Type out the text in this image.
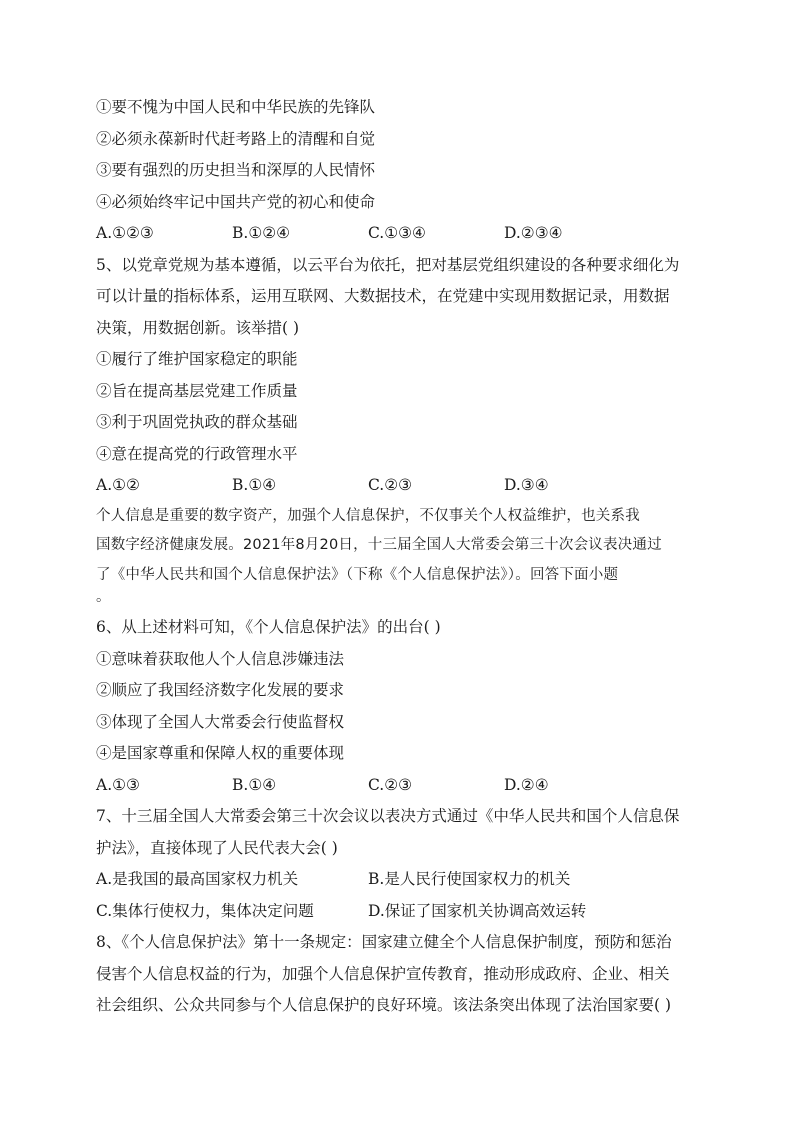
①要不愧为中国人民和中华民族的先锋队
②必须永葆新时代赶考路上的清醒和自觉
③要有强烈的历史担当和深厚的人民情怀
④必须始终牢记中国共产党的初心和使命
A.①②③	B.①②④	C.①③④	D.②③④
5、以党章党规为基本遵循，以云平台为依托，把对基层党组织建设的各种要求细化为
可以计量的指标体系，运用互联网、大数据技术，在党建中实现用数据记录，用数据
决策，用数据创新。该举措( )
①履行了维护国家稳定的职能
②旨在提高基层党建工作质量
③利于巩固党执政的群众基础
④意在提高党的行政管理水平
A.①②	B.①④	C.②③	D.③④
个人信息是重要的数字资产，加强个人信息保护，不仅事关个人权益维护，也关系我
国数字经济健康发展。2021年8月20日，十三届全国人大常委会第三十次会议表决通过
了《中华人民共和国个人信息保护法》（下称《个人信息保护法》）。回答下面小题
。
6、从上述材料可知，《个人信息保护法》的出台( )
①意味着获取他人个人信息涉嫌违法
②顺应了我国经济数字化发展的要求
③体现了全国人大常委会行使监督权
④是国家尊重和保障人权的重要体现
A.①③	B.①④	C.②③	D.②④
7、十三届全国人大常委会第三十次会议以表决方式通过《中华人民共和国个人信息保
护法》，直接体现了人民代表大会( )
A.是我国的最高国家权力机关	B.是人民行使国家权力的机关
C.集体行使权力，集体决定问题	D.保证了国家机关协调高效运转
8、《个人信息保护法》第十一条规定：国家建立健全个人信息保护制度，预防和惩治
侵害个人信息权益的行为，加强个人信息保护宣传教育，推动形成政府、企业、相关
社会组织、公众共同参与个人信息保护的良好环境。该法条突出体现了法治国家要( )
